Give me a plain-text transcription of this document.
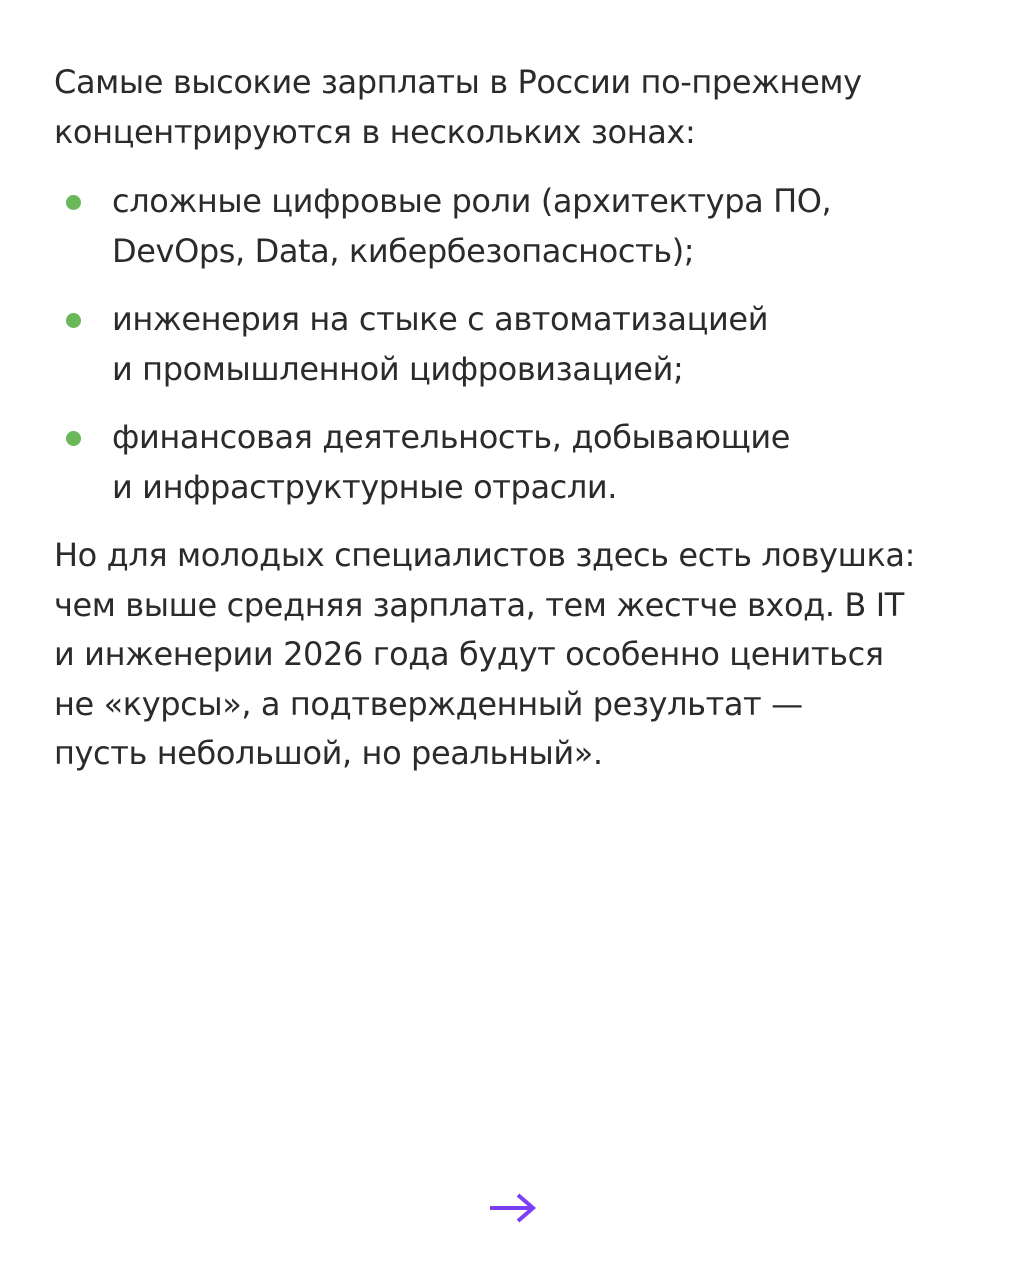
Самые высокие зарплаты в России по-прежнему
концентрируются в нескольких зонах:

сложные цифровые роли (архитектура ПО,
DevOps, Data, кибербезопасность);
инженерия на стыке с автоматизацией
и промышленной цифровизацией;
финансовая деятельность, добывающие
и инфраструктурные отрасли.

Но для молодых специалистов здесь есть ловушка:
чем выше средняя зарплата, тем жестче вход. В IT
и инженерии 2026 года будут особенно цениться
не «курсы», а подтвержденный результат —
пусть небольшой, но реальный».
